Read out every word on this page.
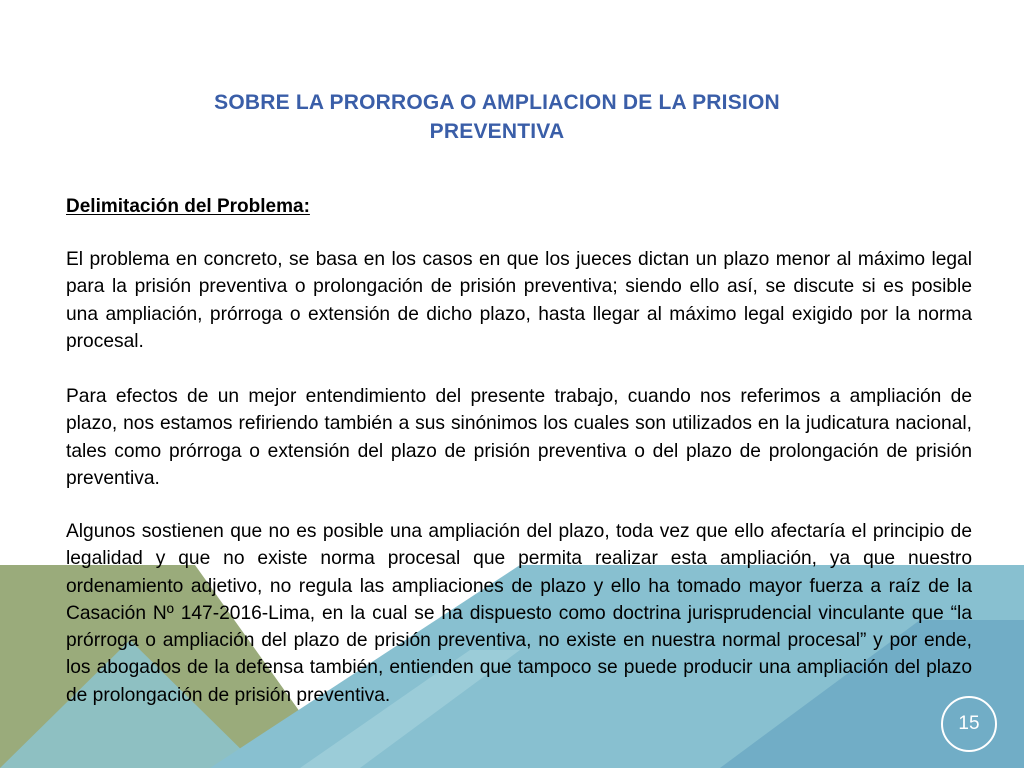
SOBRE LA PRORROGA O AMPLIACION DE LA PRISION
PREVENTIVA
Delimitación del Problema:

El problema en concreto, se basa en los casos en que los jueces dictan un plazo menor al máximo legal para la prisión preventiva o prolongación de prisión preventiva; siendo ello así, se discute si es posible una ampliación, prórroga o extensión de dicho plazo, hasta llegar al máximo legal exigido por la norma procesal.

Para efectos de un mejor entendimiento del presente trabajo, cuando nos referimos a ampliación de plazo, nos estamos refiriendo también a sus sinónimos los cuales son utilizados en la judicatura nacional, tales como prórroga o extensión del plazo de prisión preventiva o del plazo de prolongación de prisión preventiva.

Algunos sostienen que no es posible una ampliación del plazo, toda vez que ello afectaría el principio de legalidad y que no existe norma procesal que permita realizar esta ampliación, ya que nuestro ordenamiento adjetivo, no regula las ampliaciones de plazo y ello ha tomado mayor fuerza a raíz de la Casación Nº 147-2016-Lima, en la cual se ha dispuesto como doctrina jurisprudencial vinculante que “la prórroga o ampliación del plazo de prisión preventiva, no existe en nuestra normal procesal” y por ende, los abogados de la defensa también, entienden que tampoco se puede producir una ampliación del plazo de prolongación de prisión preventiva.

15
